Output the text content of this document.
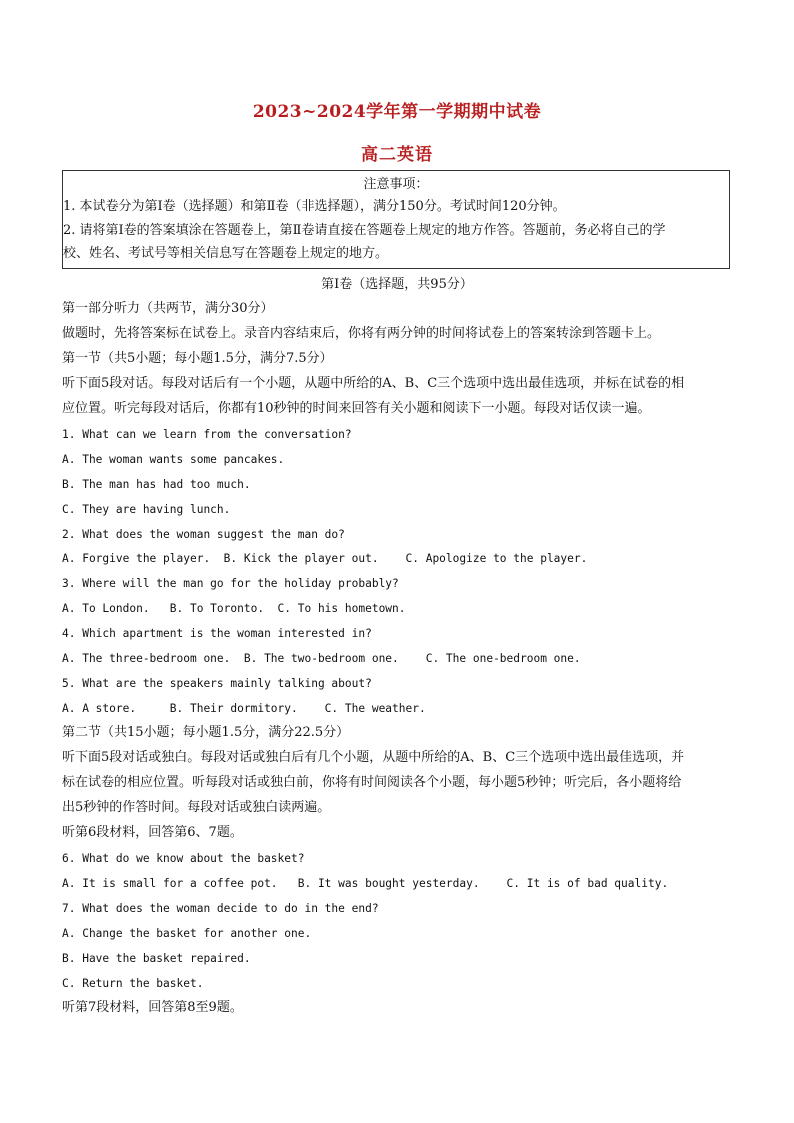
2023~2024学年第一学期期中试卷
高二英语
注意事项：
1. 本试卷分为第Ⅰ卷（选择题）和第Ⅱ卷（非选择题），满分150分。考试时间120分钟。
2. 请将第Ⅰ卷的答案填涂在答题卷上，第Ⅱ卷请直接在答题卷上规定的地方作答。答题前，务必将自己的学
校、姓名、考试号等相关信息写在答题卷上规定的地方。
第Ⅰ卷（选择题，共95分）
第一部分听力（共两节，满分30分）
做题时，先将答案标在试卷上。录音内容结束后，你将有两分钟的时间将试卷上的答案转涂到答题卡上。
第一节（共5小题；每小题1.5分，满分7.5分）
听下面5段对话。每段对话后有一个小题，从题中所给的A、B、C三个选项中选出最佳选项，并标在试卷的相
应位置。听完每段对话后，你都有10秒钟的时间来回答有关小题和阅读下一小题。每段对话仅读一遍。
1. What can we learn from the conversation?
A. The woman wants some pancakes.
B. The man has had too much.
C. They are having lunch.
2. What does the woman suggest the man do?
A. Forgive the player.  B. Kick the player out.    C. Apologize to the player.
3. Where will the man go for the holiday probably?
A. To London.   B. To Toronto.  C. To his hometown.
4. Which apartment is the woman interested in?
A. The three-bedroom one.  B. The two-bedroom one.    C. The one-bedroom one.
5. What are the speakers mainly talking about?
A. A store.     B. Their dormitory.    C. The weather.
第二节（共15小题；每小题1.5分，满分22.5分）
听下面5段对话或独白。每段对话或独白后有几个小题，从题中所给的A、B、C三个选项中选出最佳选项，并
标在试卷的相应位置。听每段对话或独白前，你将有时间阅读各个小题，每小题5秒钟；听完后，各小题将给
出5秒钟的作答时间。每段对话或独白读两遍。
听第6段材料，回答第6、7题。
6. What do we know about the basket?
A. It is small for a coffee pot.   B. It was bought yesterday.    C. It is of bad quality.
7. What does the woman decide to do in the end?
A. Change the basket for another one.
B. Have the basket repaired.
C. Return the basket.
听第7段材料，回答第8至9题。
